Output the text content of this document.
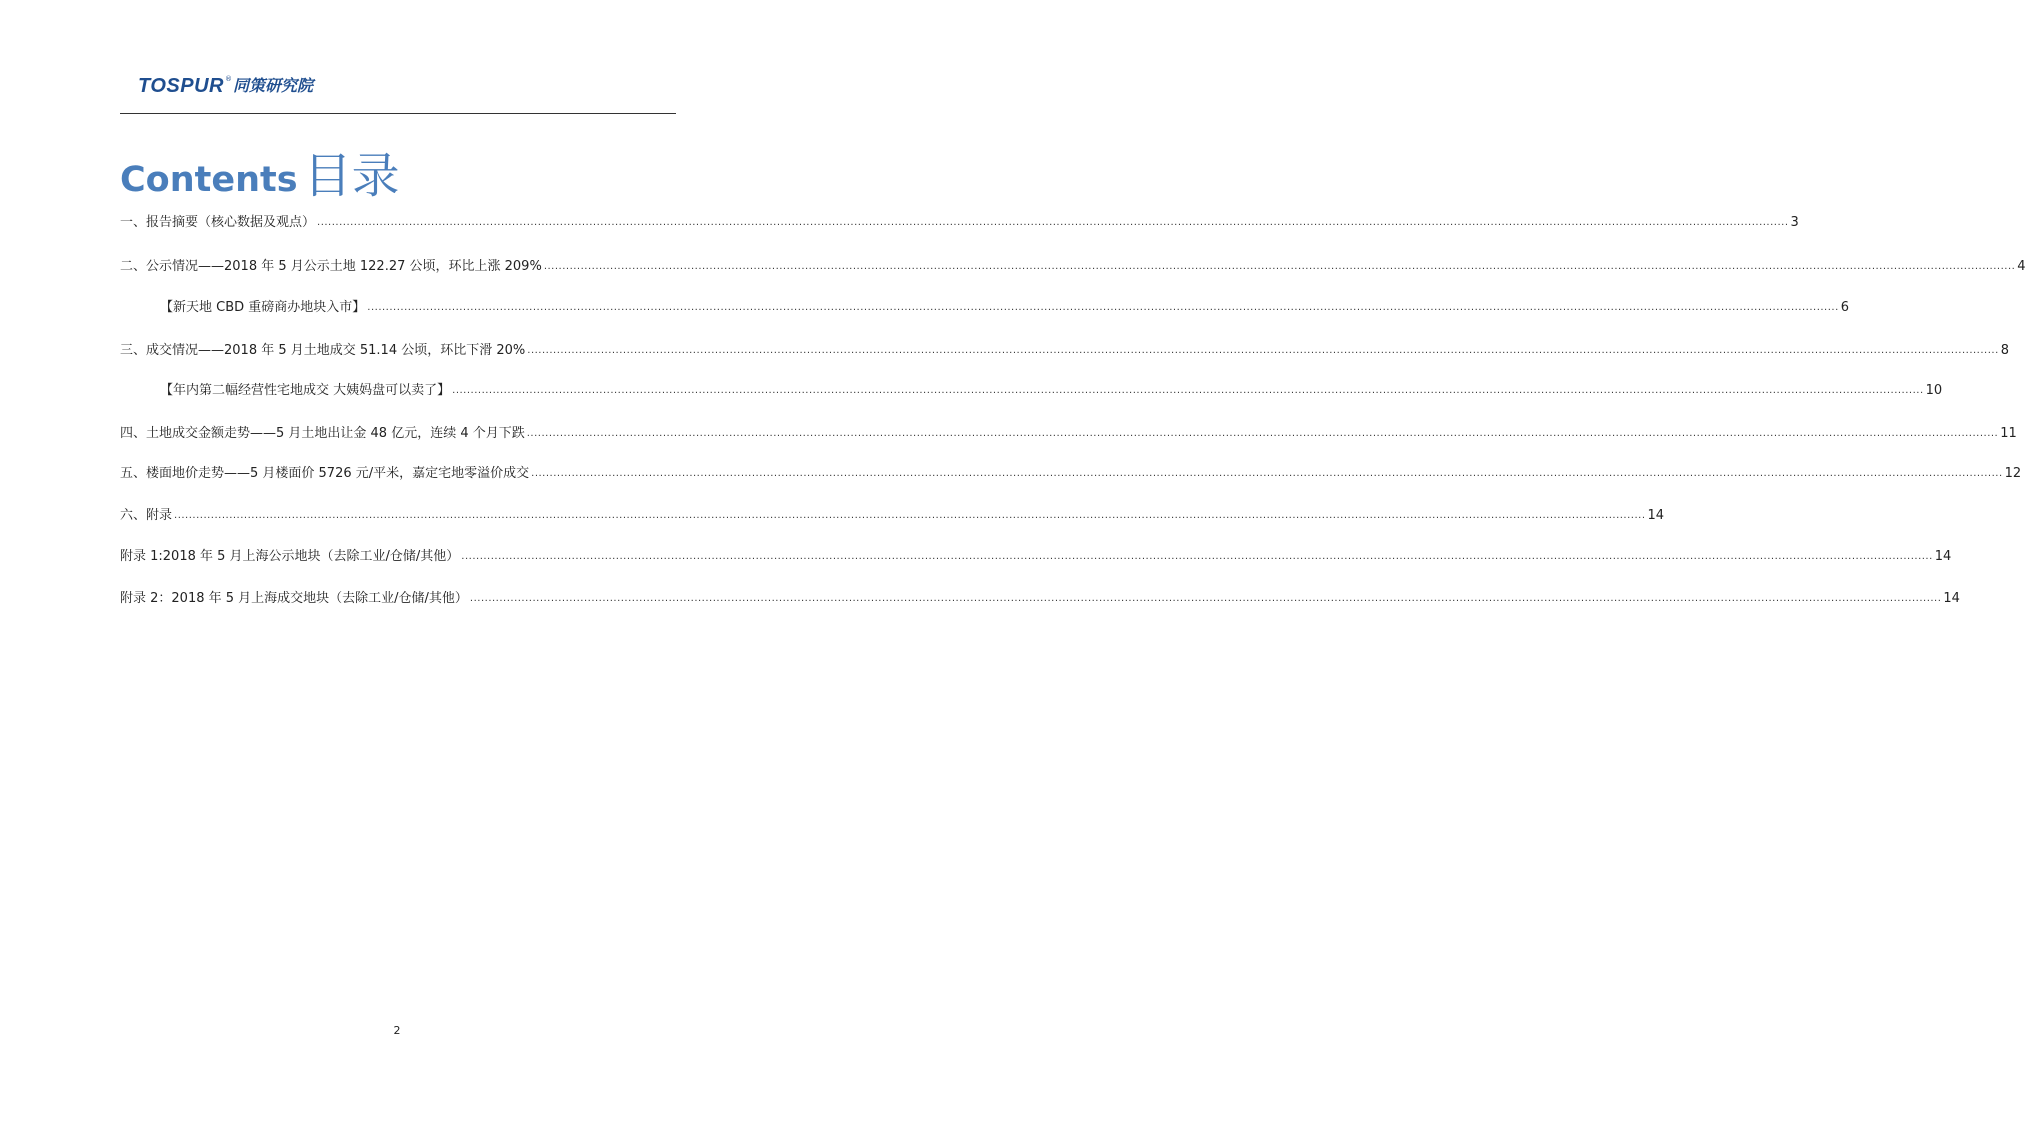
TOSPUR ® 同策研究院
Contents 目录
一、报告摘要（核心数据及观点） ................................................................................................................................................................................................................................................................................................................................................................................................................ 3
二、公示情况——2018 年 5 月公示土地 122.27 公顷，环比上涨 209% ................................................................................................................................................................................................................................................................................................................................................................................................................ 4
【新天地 CBD 重磅商办地块入市】 ................................................................................................................................................................................................................................................................................................................................................................................................................ 6
三、成交情况——2018 年 5 月土地成交 51.14 公顷，环比下滑 20% ................................................................................................................................................................................................................................................................................................................................................................................................................ 8
【年内第二幅经营性宅地成交 大姨妈盘可以卖了】 ................................................................................................................................................................................................................................................................................................................................................................................................................ 10
四、土地成交金额走势——5 月土地出让金 48 亿元，连续 4 个月下跌 ................................................................................................................................................................................................................................................................................................................................................................................................................ 11
五、楼面地价走势——5 月楼面价 5726 元/平米，嘉定宅地零溢价成交 ................................................................................................................................................................................................................................................................................................................................................................................................................ 12
六、附录 ................................................................................................................................................................................................................................................................................................................................................................................................................ 14
附录 1:2018 年 5 月上海公示地块（去除工业/仓储/其他） ................................................................................................................................................................................................................................................................................................................................................................................................................ 14
附录 2：2018 年 5 月上海成交地块（去除工业/仓储/其他） ................................................................................................................................................................................................................................................................................................................................................................................................................ 14
2
